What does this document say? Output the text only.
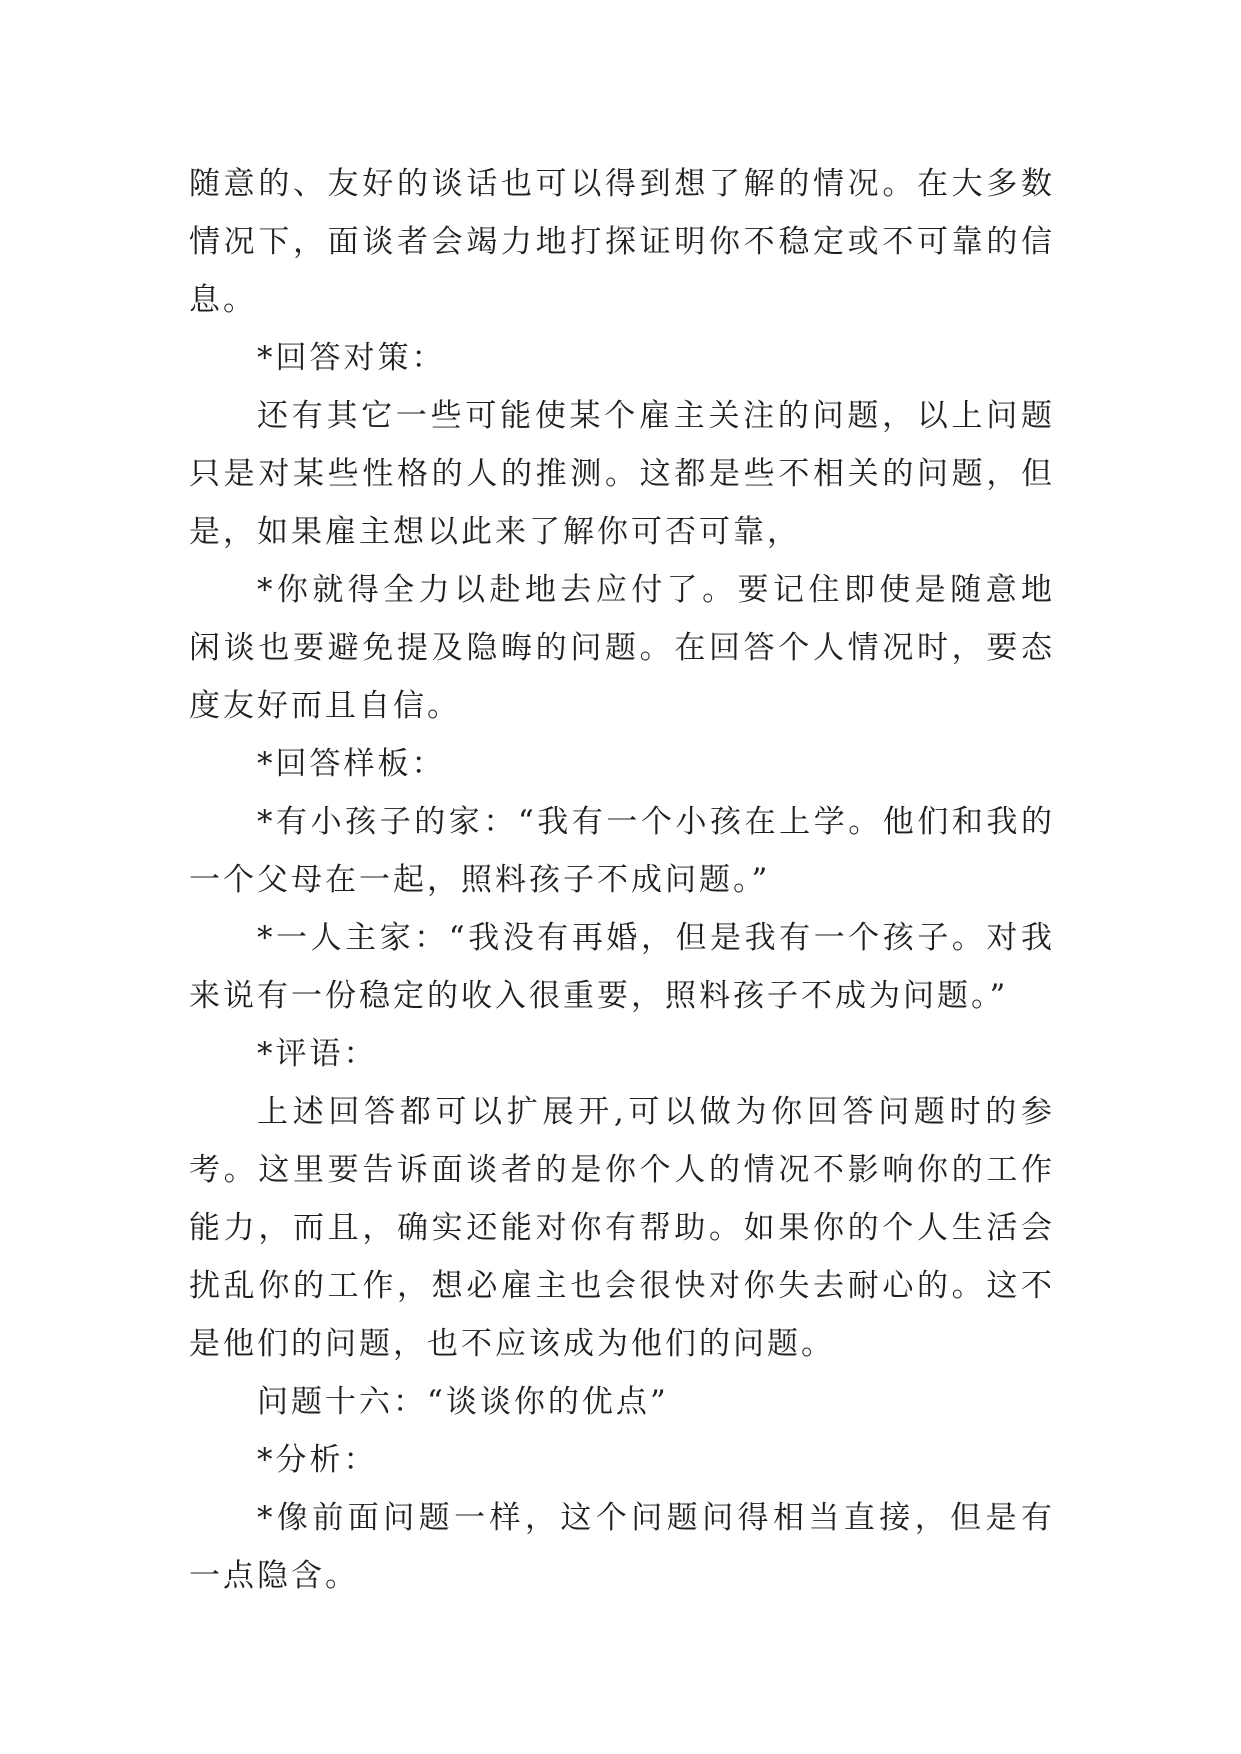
随意的、友好的谈话也可以得到想了解的情况。在大多数情况下，面谈者会竭力地打探证明你不稳定或不可靠的信息。

*回答对策：

还有其它一些可能使某个雇主关注的问题，以上问题只是对某些性格的人的推测。这都是些不相关的问题，但是，如果雇主想以此来了解你可否可靠，

*你就得全力以赴地去应付了。要记住即使是随意地闲谈也要避免提及隐晦的问题。在回答个人情况时，要态度友好而且自信。

*回答样板：

*有小孩子的家：“我有一个小孩在上学。他们和我的一个父母在一起，照料孩子不成问题。”

*一人主家：“我没有再婚，但是我有一个孩子。对我来说有一份稳定的收入很重要，照料孩子不成为问题。”

*评语：

上述回答都可以扩展开,可以做为你回答问题时的参考。这里要告诉面谈者的是你个人的情况不影响你的工作能力，而且，确实还能对你有帮助。如果你的个人生活会扰乱你的工作，想必雇主也会很快对你失去耐心的。这不是他们的问题，也不应该成为他们的问题。

问题十六：“谈谈你的优点”

*分析：

*像前面问题一样，这个问题问得相当直接，但是有一点隐含。
